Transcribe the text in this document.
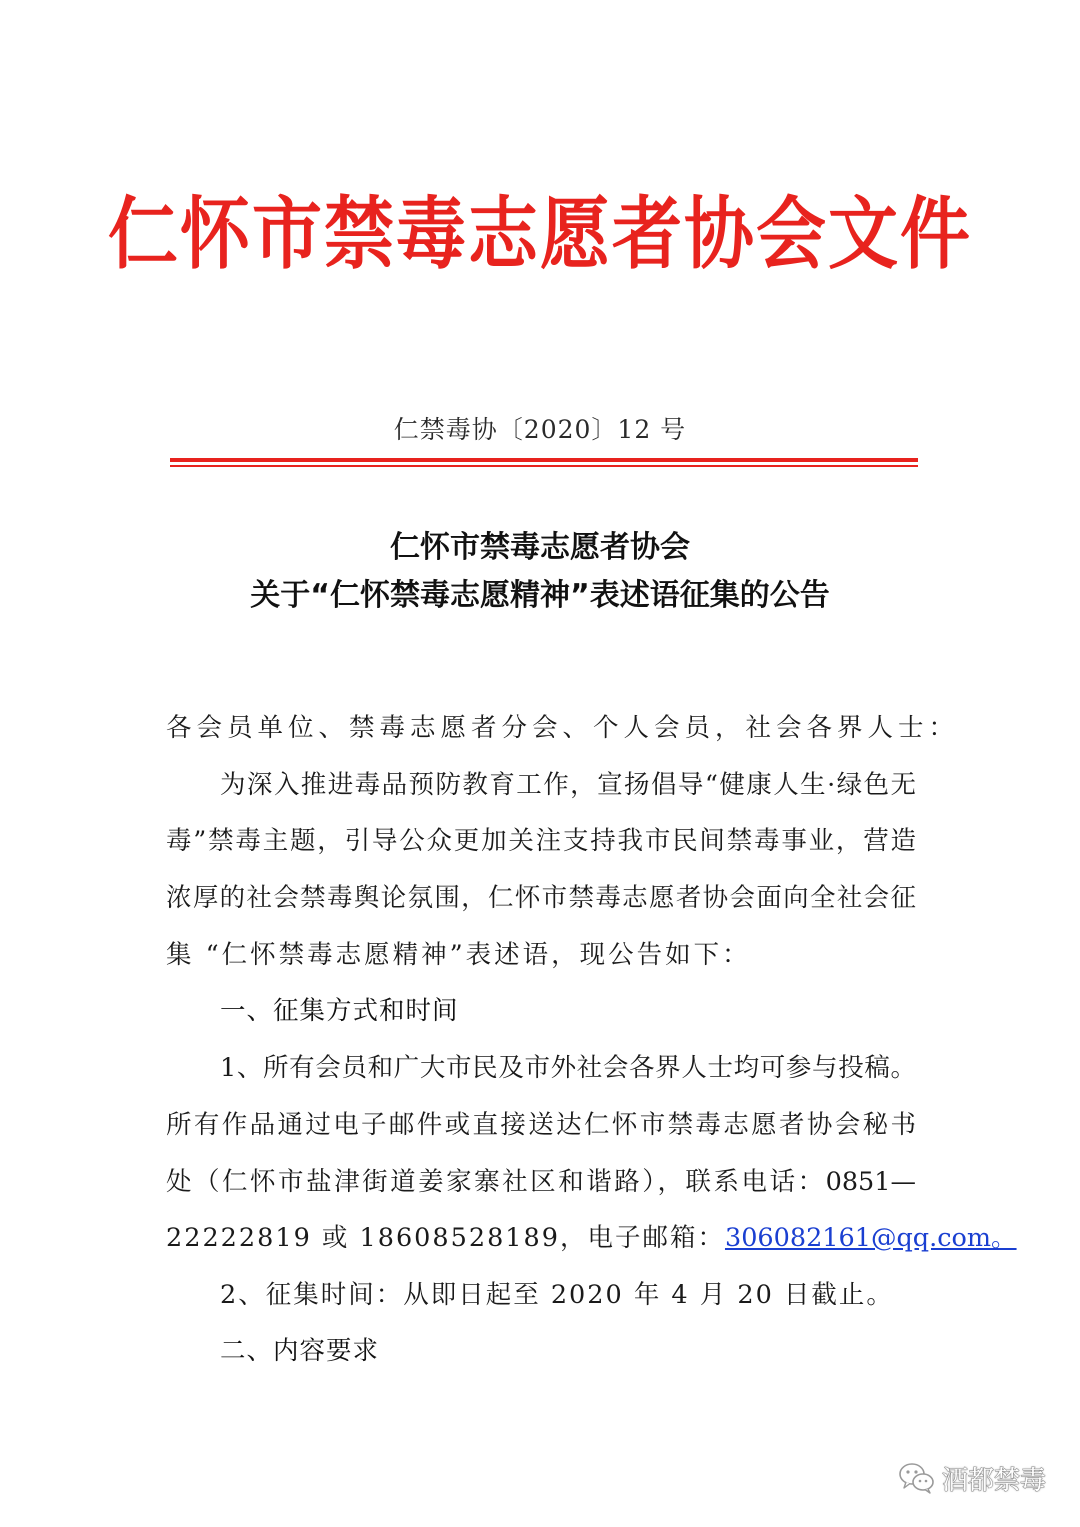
仁怀市禁毒志愿者协会文件
仁禁毒协〔2020〕12 号
仁怀市禁毒志愿者协会
关于“仁怀禁毒志愿精神”表述语征集的公告
各会员单位、禁毒志愿者分会、个人会员，社会各界人士：
为深入推进毒品预防教育工作，宣扬倡导“健康人生·绿色无
毒”禁毒主题，引导公众更加关注支持我市民间禁毒事业，营造
浓厚的社会禁毒舆论氛围，仁怀市禁毒志愿者协会面向全社会征
集 “仁怀禁毒志愿精神”表述语，现公告如下：
一、征集方式和时间
1、所有会员和广大市民及市外社会各界人士均可参与投稿。
所有作品通过电子邮件或直接送达仁怀市禁毒志愿者协会秘书
处（仁怀市盐津街道姜家寨社区和谐路），联系电话：0851—
22222819 或 18608528189，电子邮箱：306082161@qq.com。
2、征集时间：从即日起至 2020 年 4 月 20 日截止。
二、内容要求
酒都禁毒
